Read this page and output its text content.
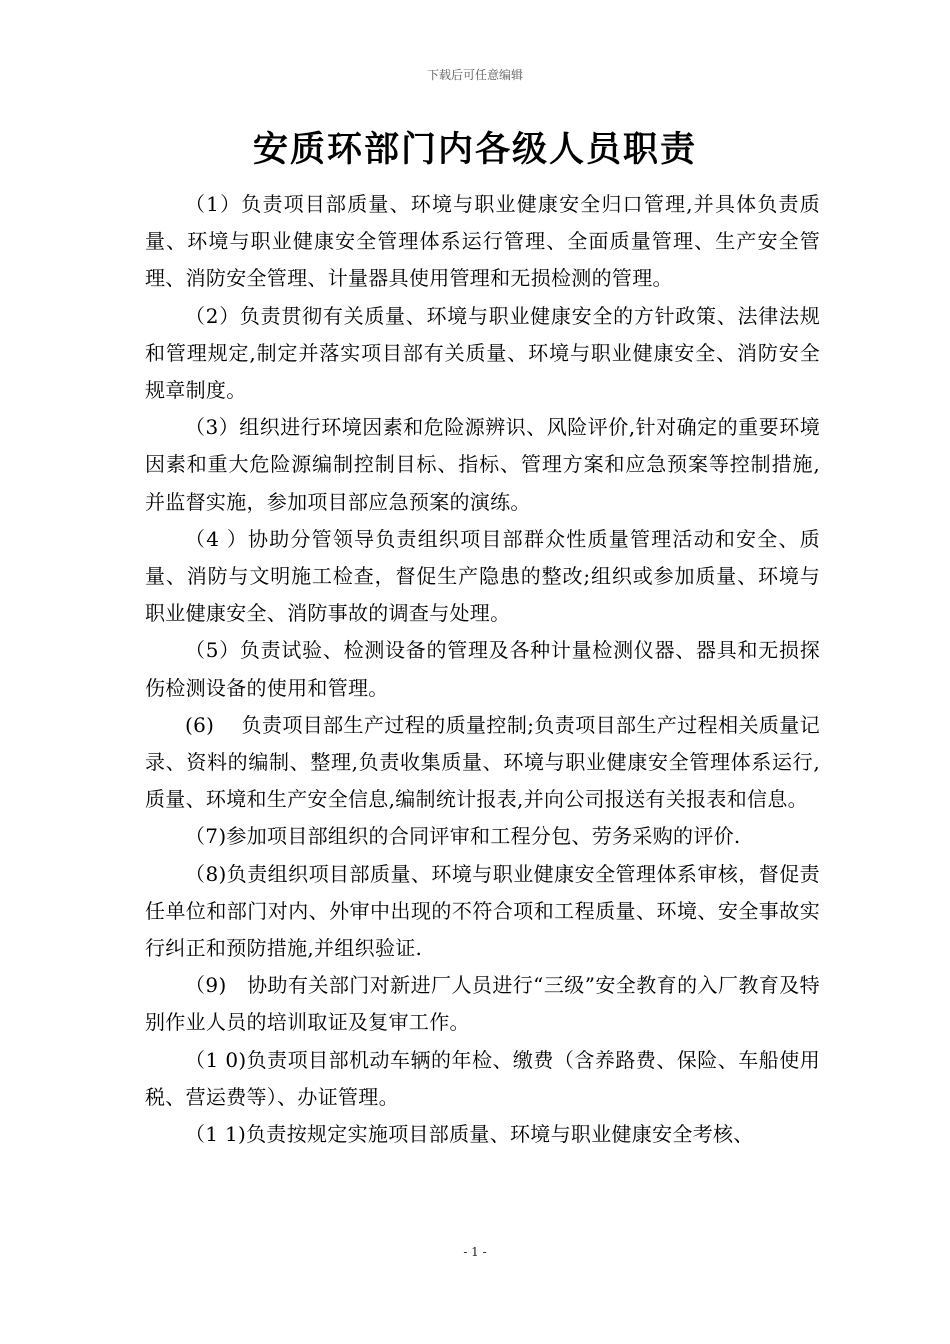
下载后可任意编辑
安质环部门内各级人员职责

（1）负责项目部质量、环境与职业健康安全归口管理,并具体负责质量、环境与职业健康安全管理体系运行管理、全面质量管理、生产安全管理、消防安全管理、计量器具使用管理和无损检测的管理。

（2）负责贯彻有关质量、环境与职业健康安全的方针政策、法律法规和管理规定,制定并落实项目部有关质量、环境与职业健康安全、消防安全规章制度。

（3）组织进行环境因素和危险源辨识、风险评价,针对确定的重要环境因素和重大危险源编制控制目标、指标、管理方案和应急预案等控制措施,并监督实施，参加项目部应急预案的演练。

（4 ）协助分管领导负责组织项目部群众性质量管理活动和安全、质量、消防与文明施工检查，督促生产隐患的整改;组织或参加质量、环境与职业健康安全、消防事故的调查与处理。

（5）负责试验、检测设备的管理及各种计量检测仪器、器具和无损探伤检测设备的使用和管理。

(6)　 负责项目部生产过程的质量控制;负责项目部生产过程相关质量记录、资料的编制、整理,负责收集质量、环境与职业健康安全管理体系运行,质量、环境和生产安全信息,编制统计报表,并向公司报送有关报表和信息。

（7)参加项目部组织的合同评审和工程分包、劳务采购的评价.

（8)负责组织项目部质量、环境与职业健康安全管理体系审核，督促责任单位和部门对内、外审中出现的不符合项和工程质量、环境、安全事故实行纠正和预防措施,并组织验证.

（9)　协助有关部门对新进厂人员进行“三级”安全教育的入厂教育及特别作业人员的培训取证及复审工作。

（1 0)负责项目部机动车辆的年检、缴费（含养路费、保险、车船使用税、营运费等）、办证管理。

（1 1)负责按规定实施项目部质量、环境与职业健康安全考核、

- 1 -
